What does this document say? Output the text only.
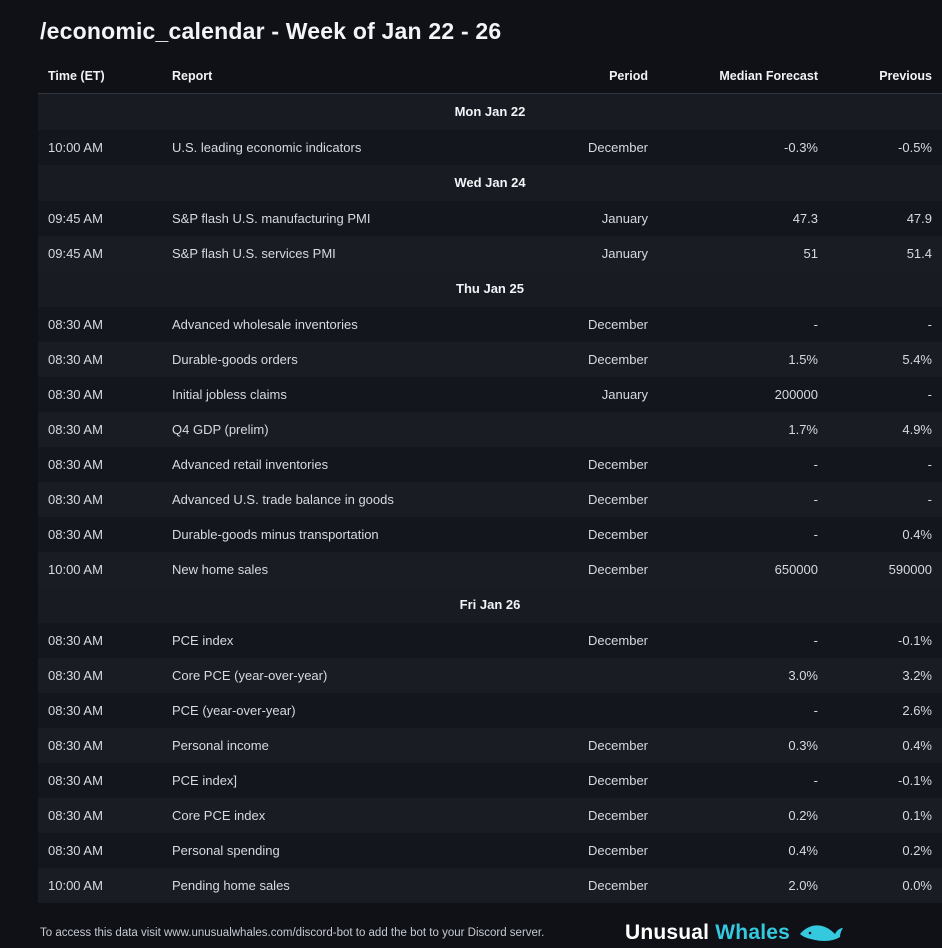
/economic_calendar - Week of Jan 22 - 26
Time (ET)	Report	Period	Median Forecast	Previous
Mon Jan 22				
10:00 AM	U.S. leading economic indicators	December	-0.3%	-0.5%
Wed Jan 24				
09:45 AM	S&P flash U.S. manufacturing PMI	January	47.3	47.9
09:45 AM	S&P flash U.S. services PMI	January	51	51.4
Thu Jan 25				
08:30 AM	Advanced wholesale inventories	December	-	-
08:30 AM	Durable-goods orders	December	1.5%	5.4%
08:30 AM	Initial jobless claims	January	200000	-
08:30 AM	Q4 GDP (prelim)		1.7%	4.9%
08:30 AM	Advanced retail inventories	December	-	-
08:30 AM	Advanced U.S. trade balance in goods	December	-	-
08:30 AM	Durable-goods minus transportation	December	-	0.4%
10:00 AM	New home sales	December	650000	590000
Fri Jan 26				
08:30 AM	PCE index	December	-	-0.1%
08:30 AM	Core PCE (year-over-year)		3.0%	3.2%
08:30 AM	PCE (year-over-year)		-	2.6%
08:30 AM	Personal income	December	0.3%	0.4%
08:30 AM	PCE index]	December	-	-0.1%
08:30 AM	Core PCE index	December	0.2%	0.1%
08:30 AM	Personal spending	December	0.4%	0.2%
10:00 AM	Pending home sales	December	2.0%	0.0%
To access this data visit www.unusualwhales.com/discord-bot to add the bot to your Discord server.	Unusual Whales
